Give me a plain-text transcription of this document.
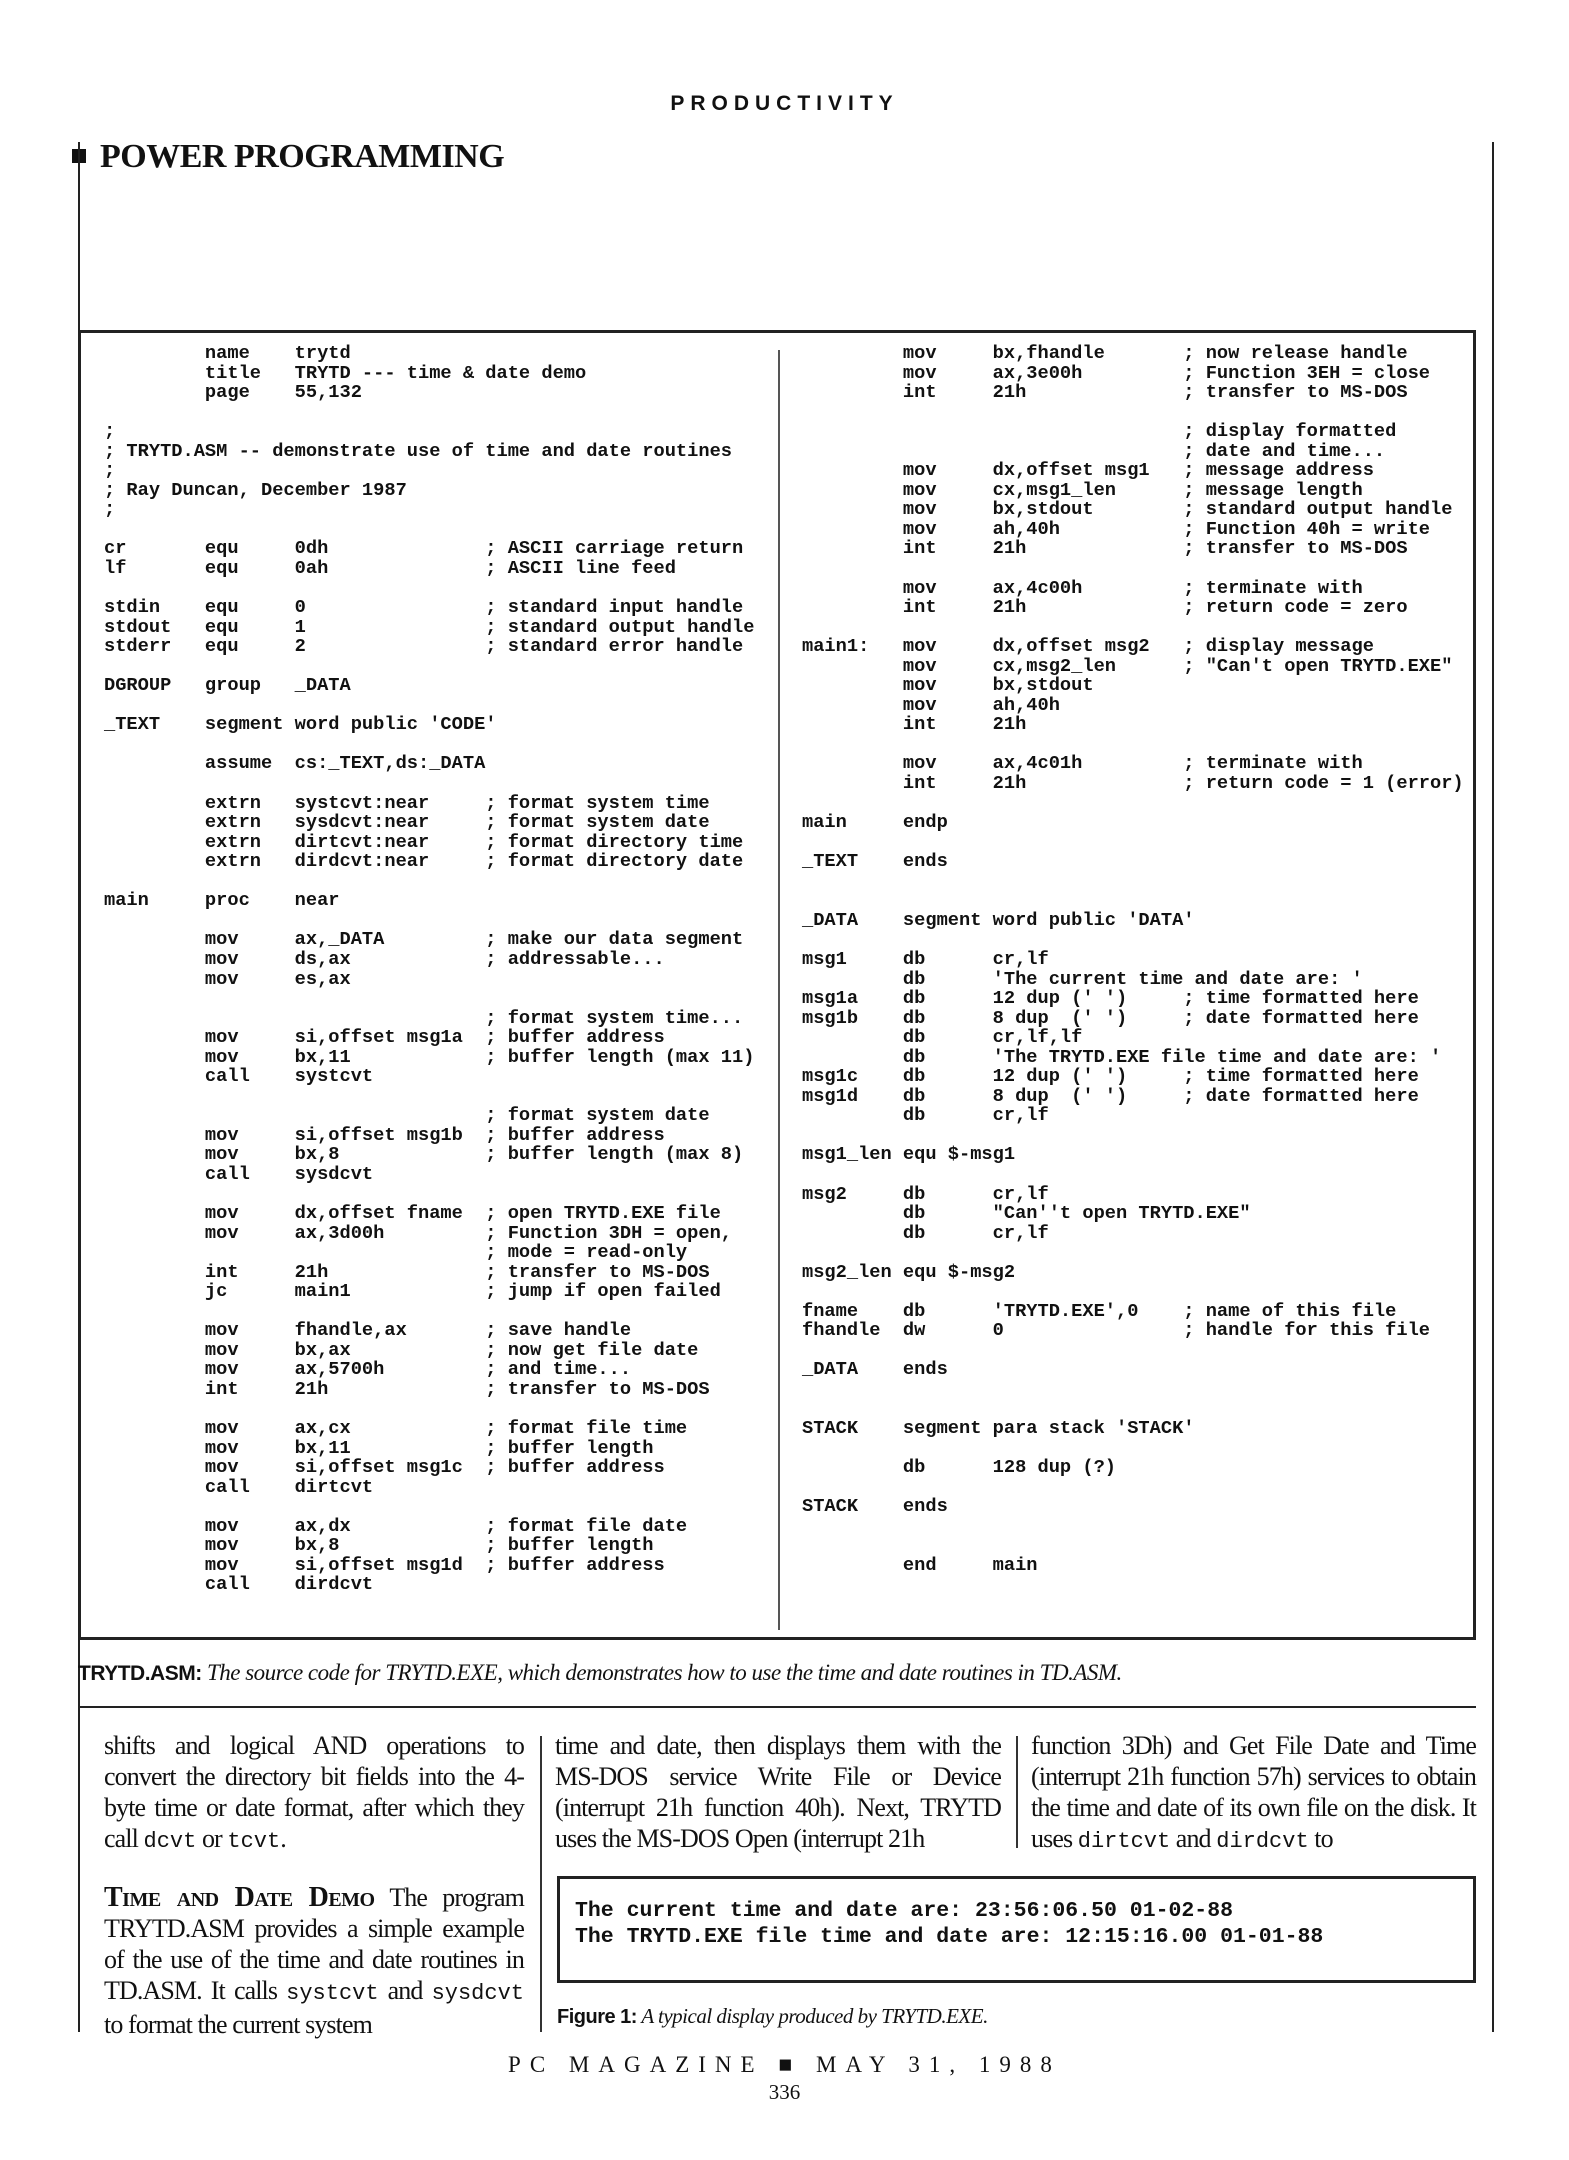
PRODUCTIVITY
POWER PROGRAMMING
name    trytd
title   TRYTD --- time & date demo
page    55,132

;
; TRYTD.ASM -- demonstrate use of time and date routines
;
; Ray Duncan, December 1987
;

cr       equ     0dh              ; ASCII carriage return
lf       equ     0ah              ; ASCII line feed

stdin    equ     0                ; standard input handle
stdout   equ     1                ; standard output handle
stderr   equ     2                ; standard error handle

DGROUP   group   _DATA

_TEXT    segment word public 'CODE'

assume  cs:_TEXT,ds:_DATA

extrn   systcvt:near     ; format system time
extrn   sysdcvt:near     ; format system date
extrn   dirtcvt:near     ; format directory time
extrn   dirdcvt:near     ; format directory date

main     proc    near

mov     ax,_DATA         ; make our data segment
mov     ds,ax            ; addressable...
mov     es,ax

; format system time...
mov     si,offset msg1a  ; buffer address
mov     bx,11            ; buffer length (max 11)
call    systcvt

; format system date
mov     si,offset msg1b  ; buffer address
mov     bx,8             ; buffer length (max 8)
call    sysdcvt

mov     dx,offset fname  ; open TRYTD.EXE file
mov     ax,3d00h         ; Function 3DH = open,
; mode = read-only
int     21h              ; transfer to MS-DOS
jc      main1            ; jump if open failed

mov     fhandle,ax       ; save handle
mov     bx,ax            ; now get file date
mov     ax,5700h         ; and time...
int     21h              ; transfer to MS-DOS

mov     ax,cx            ; format file time
mov     bx,11            ; buffer length
mov     si,offset msg1c  ; buffer address
call    dirtcvt

mov     ax,dx            ; format file date
mov     bx,8             ; buffer length
mov     si,offset msg1d  ; buffer address
call    dirdcvt
mov     bx,fhandle       ; now release handle
mov     ax,3e00h         ; Function 3EH = close
int     21h              ; transfer to MS-DOS

; display formatted
; date and time...
mov     dx,offset msg1   ; message address
mov     cx,msg1_len      ; message length
mov     bx,stdout        ; standard output handle
mov     ah,40h           ; Function 40h = write
int     21h              ; transfer to MS-DOS

mov     ax,4c00h         ; terminate with
int     21h              ; return code = zero

main1:   mov     dx,offset msg2   ; display message
mov     cx,msg2_len      ; "Can't open TRYTD.EXE"
mov     bx,stdout
mov     ah,40h
int     21h

mov     ax,4c01h         ; terminate with
int     21h              ; return code = 1 (error)

main     endp

_TEXT    ends

_DATA    segment word public 'DATA'

msg1     db      cr,lf
db      'The current time and date are: '
msg1a    db      12 dup (' ')     ; time formatted here
msg1b    db      8 dup  (' ')     ; date formatted here
db      cr,lf,lf
db      'The TRYTD.EXE file time and date are: '
msg1c    db      12 dup (' ')     ; time formatted here
msg1d    db      8 dup  (' ')     ; date formatted here
db      cr,lf

msg1_len equ $-msg1

msg2     db      cr,lf
db      "Can''t open TRYTD.EXE"
db      cr,lf

msg2_len equ $-msg2

fname    db      'TRYTD.EXE',0    ; name of this file
fhandle  dw      0                ; handle for this file

_DATA    ends

STACK    segment para stack 'STACK'

db      128 dup (?)

STACK    ends

end     main
TRYTD.ASM: The source code for TRYTD.EXE, which demonstrates how to use the time and date routines in TD.ASM.
shifts and logical AND operations to convert the directory bit fields into the 4-byte time or date format, after which they call dcvt or tcvt.
Time and Date Demo The program TRYTD.ASM provides a simple example of the use of the time and date routines in TD.ASM. It calls systcvt and sysdcvt to format the current system
time and date, then displays them with the MS-DOS service Write File or Device (interrupt 21h function 40h). Next, TRYTD uses the MS-DOS Open (interrupt 21h
function 3Dh) and Get File Date and Time (interrupt 21h function 57h) services to obtain the time and date of its own file on the disk. It uses dirtcvt and dirdcvt to
The current time and date are: 23:56:06.50 01-02-88
The TRYTD.EXE file time and date are: 12:15:16.00 01-01-88
Figure 1: A typical display produced by TRYTD.EXE.
PC MAGAZINE ■ MAY 31, 1988
336
